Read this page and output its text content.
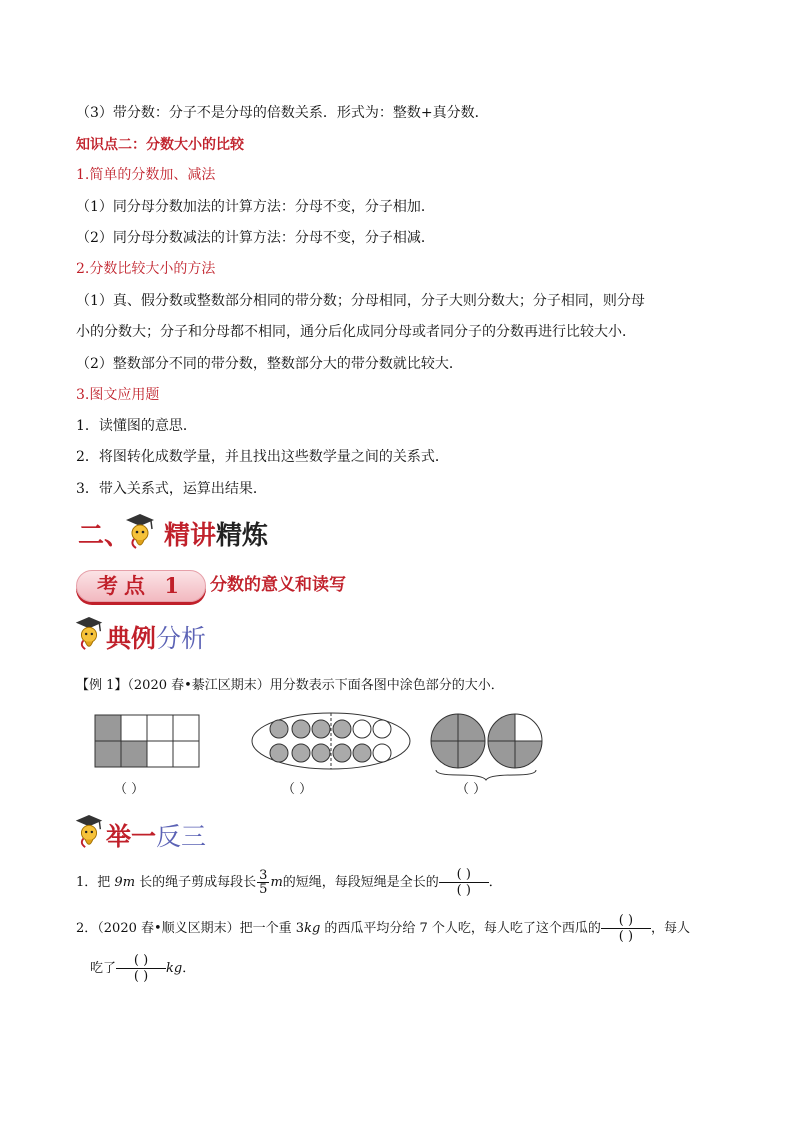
（3）带分数：分子不是分母的倍数关系．形式为：整数+真分数．
知识点二：分数大小的比较
1.简单的分数加、减法
（1）同分母分数加法的计算方法：分母不变，分子相加．
（2）同分母分数减法的计算方法：分母不变，分子相减．
2.分数比较大小的方法
（1）真、假分数或整数部分相同的带分数；分母相同，分子大则分数大；分子相同，则分母
小的分数大；分子和分母都不相同，通分后化成同分母或者同分子的分数再进行比较大小．
（2）整数部分不同的带分数，整数部分大的带分数就比较大．
3.图文应用题
1．读懂图的意思．
2．将图转化成数学量，并且找出这些数学量之间的关系式．
3．带入关系式，运算出结果．
二、 精讲精炼
考点 1	分数的意义和读写
典例分析
【例 1】（2020 春•綦江区期末）用分数表示下面各图中涂色部分的大小．
（ ）	（ ）	（ ）
举一反三
1．把 9m 长的绳子剪成每段长 $\frac{3}{5}$ m的短绳，每段短绳是全长的
( )
( )
．
2．（2020 春•顺义区期末）把一个重 3kg 的西瓜平均分给 7 个人吃，每人吃了这个西瓜的
( )
( )
，每人
吃了
( )
( )
kg．
